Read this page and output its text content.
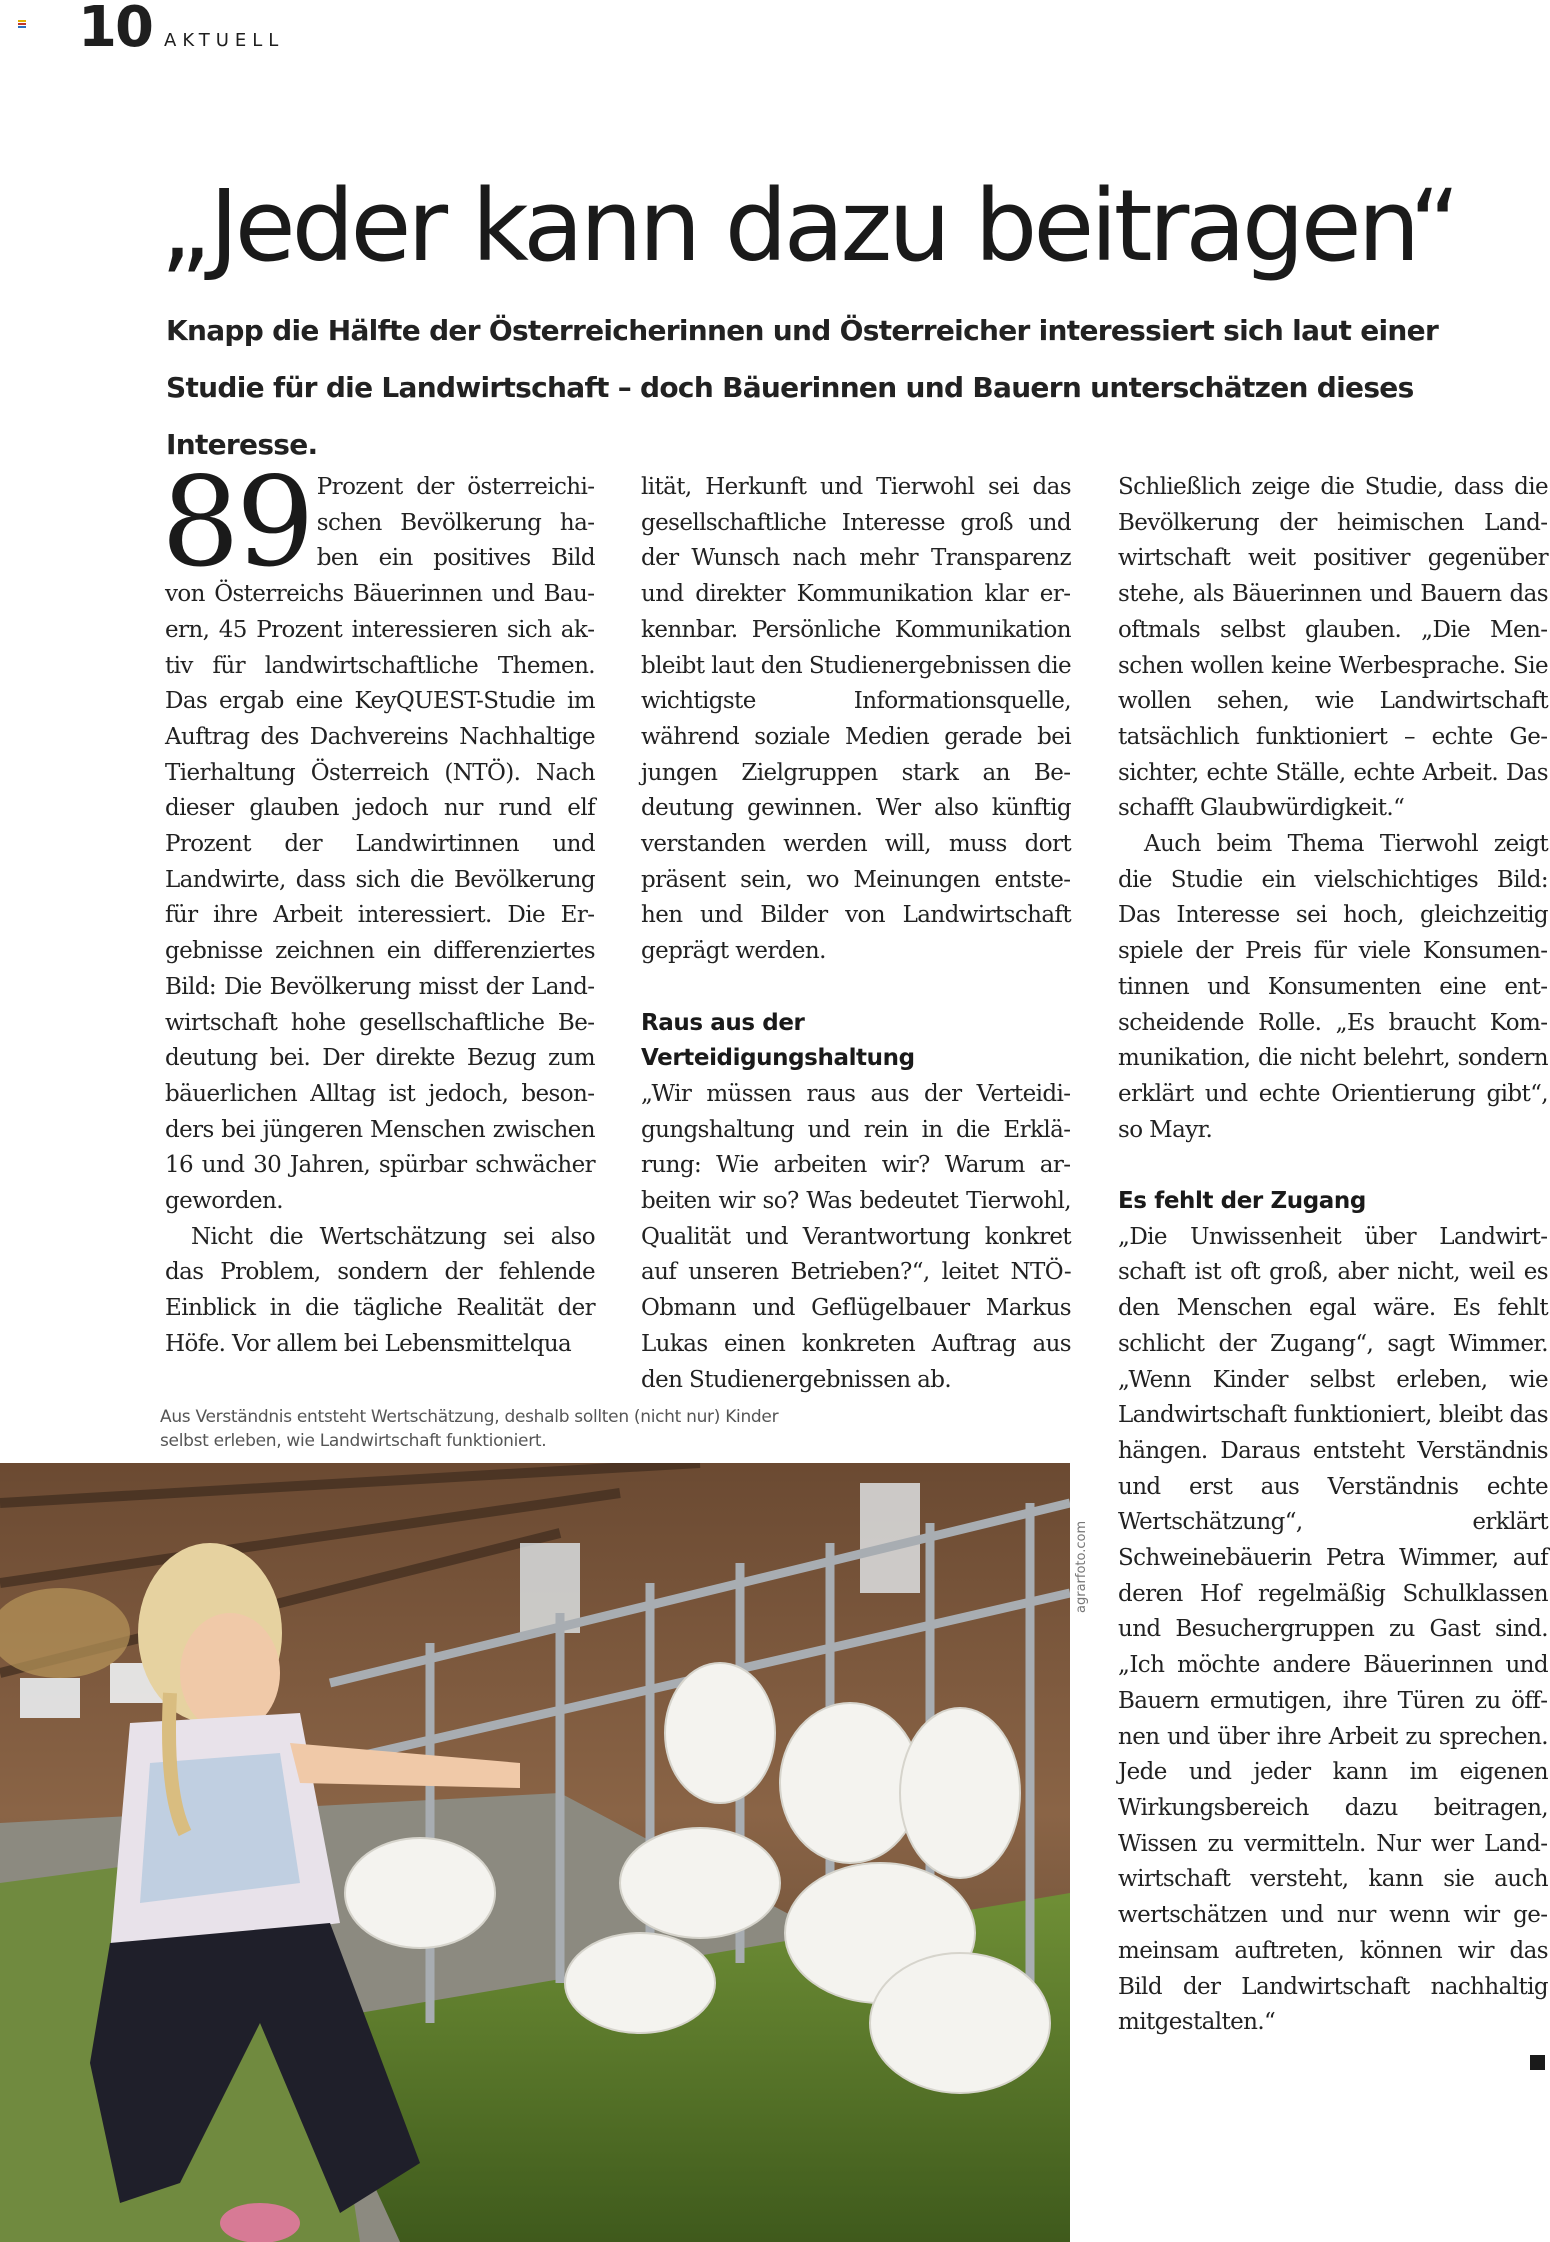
10 AKTUELL
„Jeder kann dazu beitragen“
Knapp die Hälfte der Österreicherinnen und Österreicher interessiert sich laut einer Studie für die Landwirtschaft – doch Bäuerinnen und Bauern unterschätzen dieses Interesse.

89 Prozent der österreichischen Bevölkerung haben ein positives Bild von Österreichs Bäuerinnen und Bauern, 45 Prozent interessieren sich aktiv für landwirtschaftliche Themen. Das ergab eine KeyQUEST-Studie im Auftrag des Dachvereins Nachhaltige Tierhaltung Österreich (NTÖ). Nach dieser glauben jedoch nur rund elf Prozent der Landwirtinnen und Landwirte, dass sich die Bevölkerung für ihre Arbeit interessiert. Die Ergebnisse zeichnen ein differenziertes Bild: Die Bevölkerung misst der Landwirtschaft hohe gesellschaftliche Bedeutung bei. Der direkte Bezug zum bäuerlichen Alltag ist jedoch, besonders bei jüngeren Menschen zwischen 16 und 30 Jahren, spürbar schwächer geworden.

Nicht die Wertschätzung sei also das Problem, sondern der fehlende Einblick in die tägliche Realität der Höfe. Vor allem bei Lebensmittelqua

lität, Herkunft und Tierwohl sei das gesellschaftliche Interesse groß und der Wunsch nach mehr Transparenz und direkter Kommunikation klar erkennbar. Persönliche Kommunikation bleibt laut den Studienergebnissen die wichtigste Informationsquelle, während soziale Medien gerade bei jungen Zielgruppen stark an Bedeutung gewinnen. Wer also künftig verstanden werden will, muss dort präsent sein, wo Meinungen entstehen und Bilder von Landwirtschaft geprägt werden.

Raus aus der Verteidigungshaltung

„Wir müssen raus aus der Verteidigungshaltung und rein in die Erklärung: Wie arbeiten wir? Warum arbeiten wir so? Was bedeutet Tierwohl, Qualität und Verantwortung konkret auf unseren Betrieben?“, leitet NTÖ-Obmann und Geflügelbauer Markus Lukas einen konkreten Auftrag aus den Studienergebnissen ab.

Schließlich zeige die Studie, dass die Bevölkerung der heimischen Landwirtschaft weit positiver gegenüber stehe, als Bäuerinnen und Bauern das oftmals selbst glauben. „Die Menschen wollen keine Werbesprache. Sie wollen sehen, wie Landwirtschaft tatsächlich funktioniert – echte Gesichter, echte Ställe, echte Arbeit. Das schafft Glaubwürdigkeit.“

Auch beim Thema Tierwohl zeigt die Studie ein vielschichtiges Bild: Das Interesse sei hoch, gleichzeitig spiele der Preis für viele Konsumentinnen und Konsumenten eine entscheidende Rolle. „Es braucht Kommunikation, die nicht belehrt, sondern erklärt und echte Orientierung gibt“, so Mayr.

Es fehlt der Zugang

„Die Unwissenheit über Landwirtschaft ist oft groß, aber nicht, weil es den Menschen egal wäre. Es fehlt schlicht der Zugang“, sagt Wimmer. „Wenn Kinder selbst erleben, wie Landwirtschaft funktioniert, bleibt das hängen. Daraus entsteht Verständnis und erst aus Verständnis echte Wertschätzung“, erklärt Schweinebäuerin Petra Wimmer, auf deren Hof regelmäßig Schulklassen und Besuchergruppen zu Gast sind. „Ich möchte andere Bäuerinnen und Bauern ermutigen, ihre Türen zu öffnen und über ihre Arbeit zu sprechen. Jede und jeder kann im eigenen Wirkungsbereich dazu beitragen, Wissen zu vermitteln. Nur wer Landwirtschaft versteht, kann sie auch wertschätzen und nur wenn wir gemeinsam auftreten, können wir das Bild der Landwirtschaft nachhaltig mitgestalten.“

Aus Verständnis entsteht Wertschätzung, deshalb sollten (nicht nur) Kinder selbst erleben, wie Landwirtschaft funktioniert.
agrarfoto.com
